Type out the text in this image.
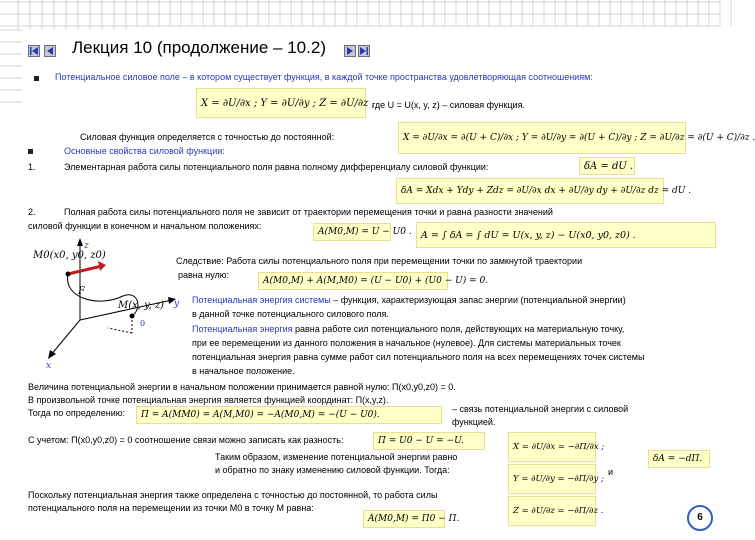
Лекция 10 (продолжение – 10.2)
Потенциальное силовое поле – в котором существует функция, в каждой точке пространства удовлетворяющая соотношениям:
X = ∂U/∂x ; Y = ∂U/∂y ; Z = ∂U/∂z ,
где U = U(x, y, z) – силовая функция.
Силовая функция определяется с точностью до постоянной:	X = ∂U/∂x = ∂(U + C)/∂x ; Y = ∂U/∂y = ∂(U + C)/∂y ; Z = ∂U/∂z = ∂(U + C)/∂z .
Основные свойства силовой функции:
1.	Элементарная работа силы потенциального поля равна полному дифференциалу силовой функции:	δA = dU .
δA = Xdx + Ydy + Zdz = ∂U/∂x dx + ∂U/∂y dy + ∂U/∂z dz = dU .
2.	Полная работа силы потенциального поля не зависит от траектории перемещения точки и равна разности значений
силовой функции в конечном и начальном положениях:
A(M0,M) = U − U0 . A = ∫ δA = ∫ dU = U(x, y, z) − U(x0, y0, z0) .
Следствие: Работа силы потенциального поля при перемещении точки по замкнутой траектории
равна нулю:
A(M0,M) + A(M,M0) = (U − U0) + (U0 − U) = 0.
M0(x0, y0, z0)
F
M(x, y, z)
z
y
x
0
Потенциальная энергия системы – функция, характеризующая запас энергии (потенциальной энергии)
в данной точке потенциального силового поля.
Потенциальная энергия равна работе сил потенциального поля, действующих на материальную точку,
при ее перемещении из данного положения в начальное (нулевое). Для системы материальных точек
потенциальная энергия равна сумме работ сил потенциального поля на всех перемещениях точек системы
в начальное положение.
Величина потенциальной энергии в начальном положении принимается равной нулю: П(x0,y0,z0) = 0.
В произвольной точке потенциальная энергия является функцией координат: П(x,y,z).
Тогда по определению:	П = A(MM0) = A(M,M0) = −A(M0,M) = −(U − U0).
– связь потенциальной энергии с силовой
функцией.
С учетом: П(x0,y0,z0) = 0 соотношение связи можно записать как разность:	П = U0 − U = −U.
X = ∂U/∂x = −∂П/∂x ;
Y = ∂U/∂y = −∂П/∂y ;
Z = ∂U/∂z = −∂П/∂z .
Таким образом, изменение потенциальной энергии равно
и обратно по знаку изменению силовой функции. Тогда:	и
δA = −dП.
Поскольку потенциальная энергия также определена с точностью до постоянной, то работа силы
потенциального поля на перемещении из точки M0 в точку M равна:
A(M0,M) = П0 − П.	6
